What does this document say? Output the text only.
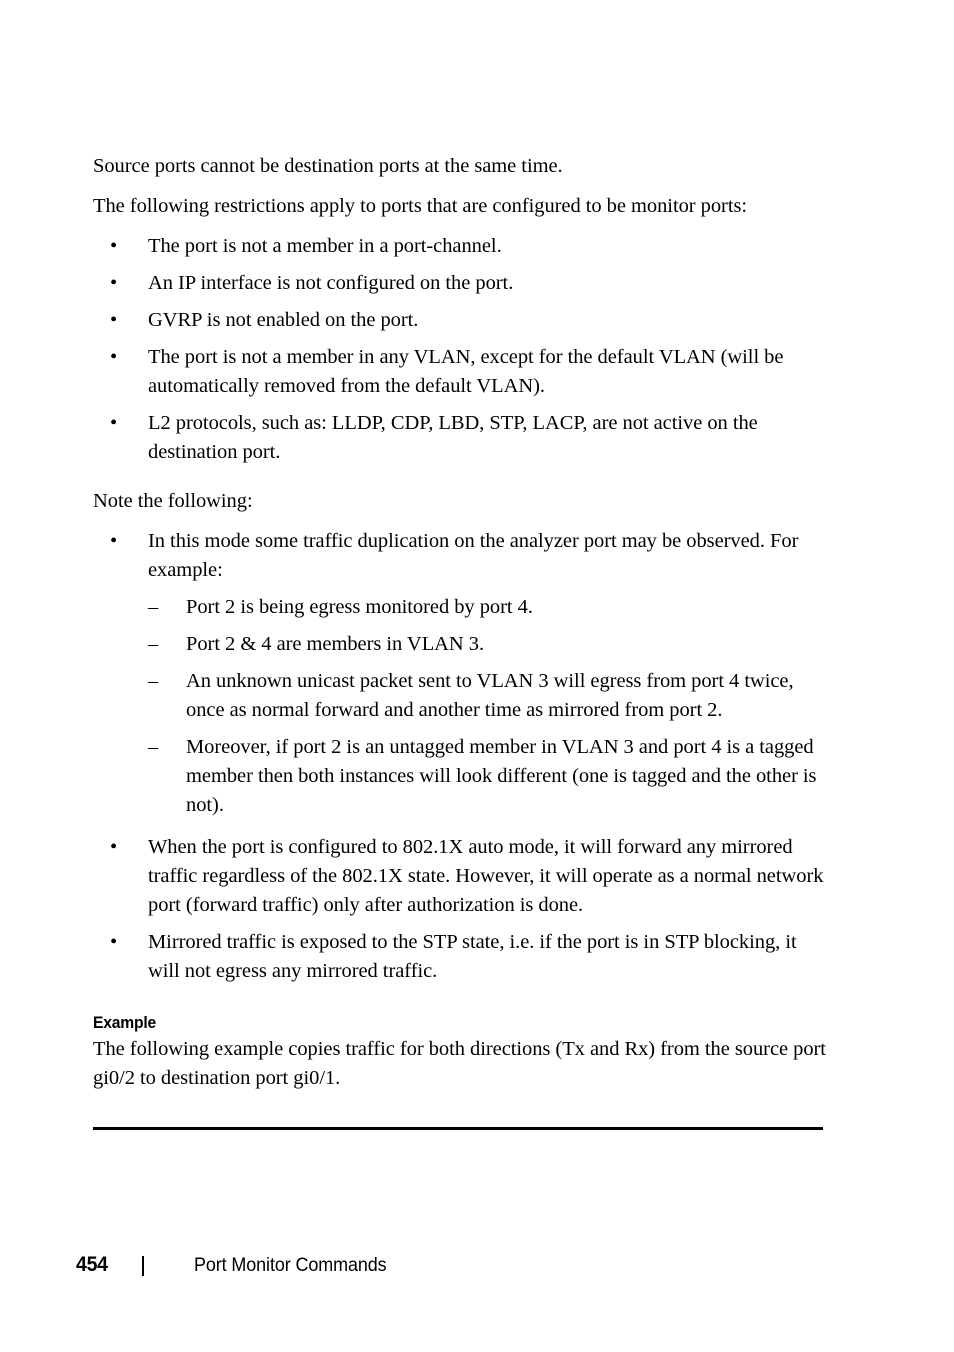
Source ports cannot be destination ports at the same time.

The following restrictions apply to ports that are configured to be monitor ports:

•	The port is not a member in a port-channel.
•	An IP interface is not configured on the port.
•	GVRP is not enabled on the port.
•	The port is not a member in any VLAN, except for the default VLAN (will be automatically removed from the default VLAN).
•	L2 protocols, such as: LLDP, CDP, LBD, STP, LACP, are not active on the destination port.

Note the following:

•	In this mode some traffic duplication on the analyzer port may be observed. For example:
– Port 2 is being egress monitored by port 4.
– Port 2 & 4 are members in VLAN 3.
– An unknown unicast packet sent to VLAN 3 will egress from port 4 twice, once as normal forward and another time as mirrored from port 2.
– Moreover, if port 2 is an untagged member in VLAN 3 and port 4 is a tagged member then both instances will look different (one is tagged and the other is not).
•	When the port is configured to 802.1X auto mode, it will forward any mirrored traffic regardless of the 802.1X state. However, it will operate as a normal network port (forward traffic) only after authorization is done.
•	Mirrored traffic is exposed to the STP state, i.e. if the port is in STP blocking, it will not egress any mirrored traffic.
Example

The following example copies traffic for both directions (Tx and Rx) from the source port gi0/2 to destination port gi0/1.

454	Port Monitor Commands
